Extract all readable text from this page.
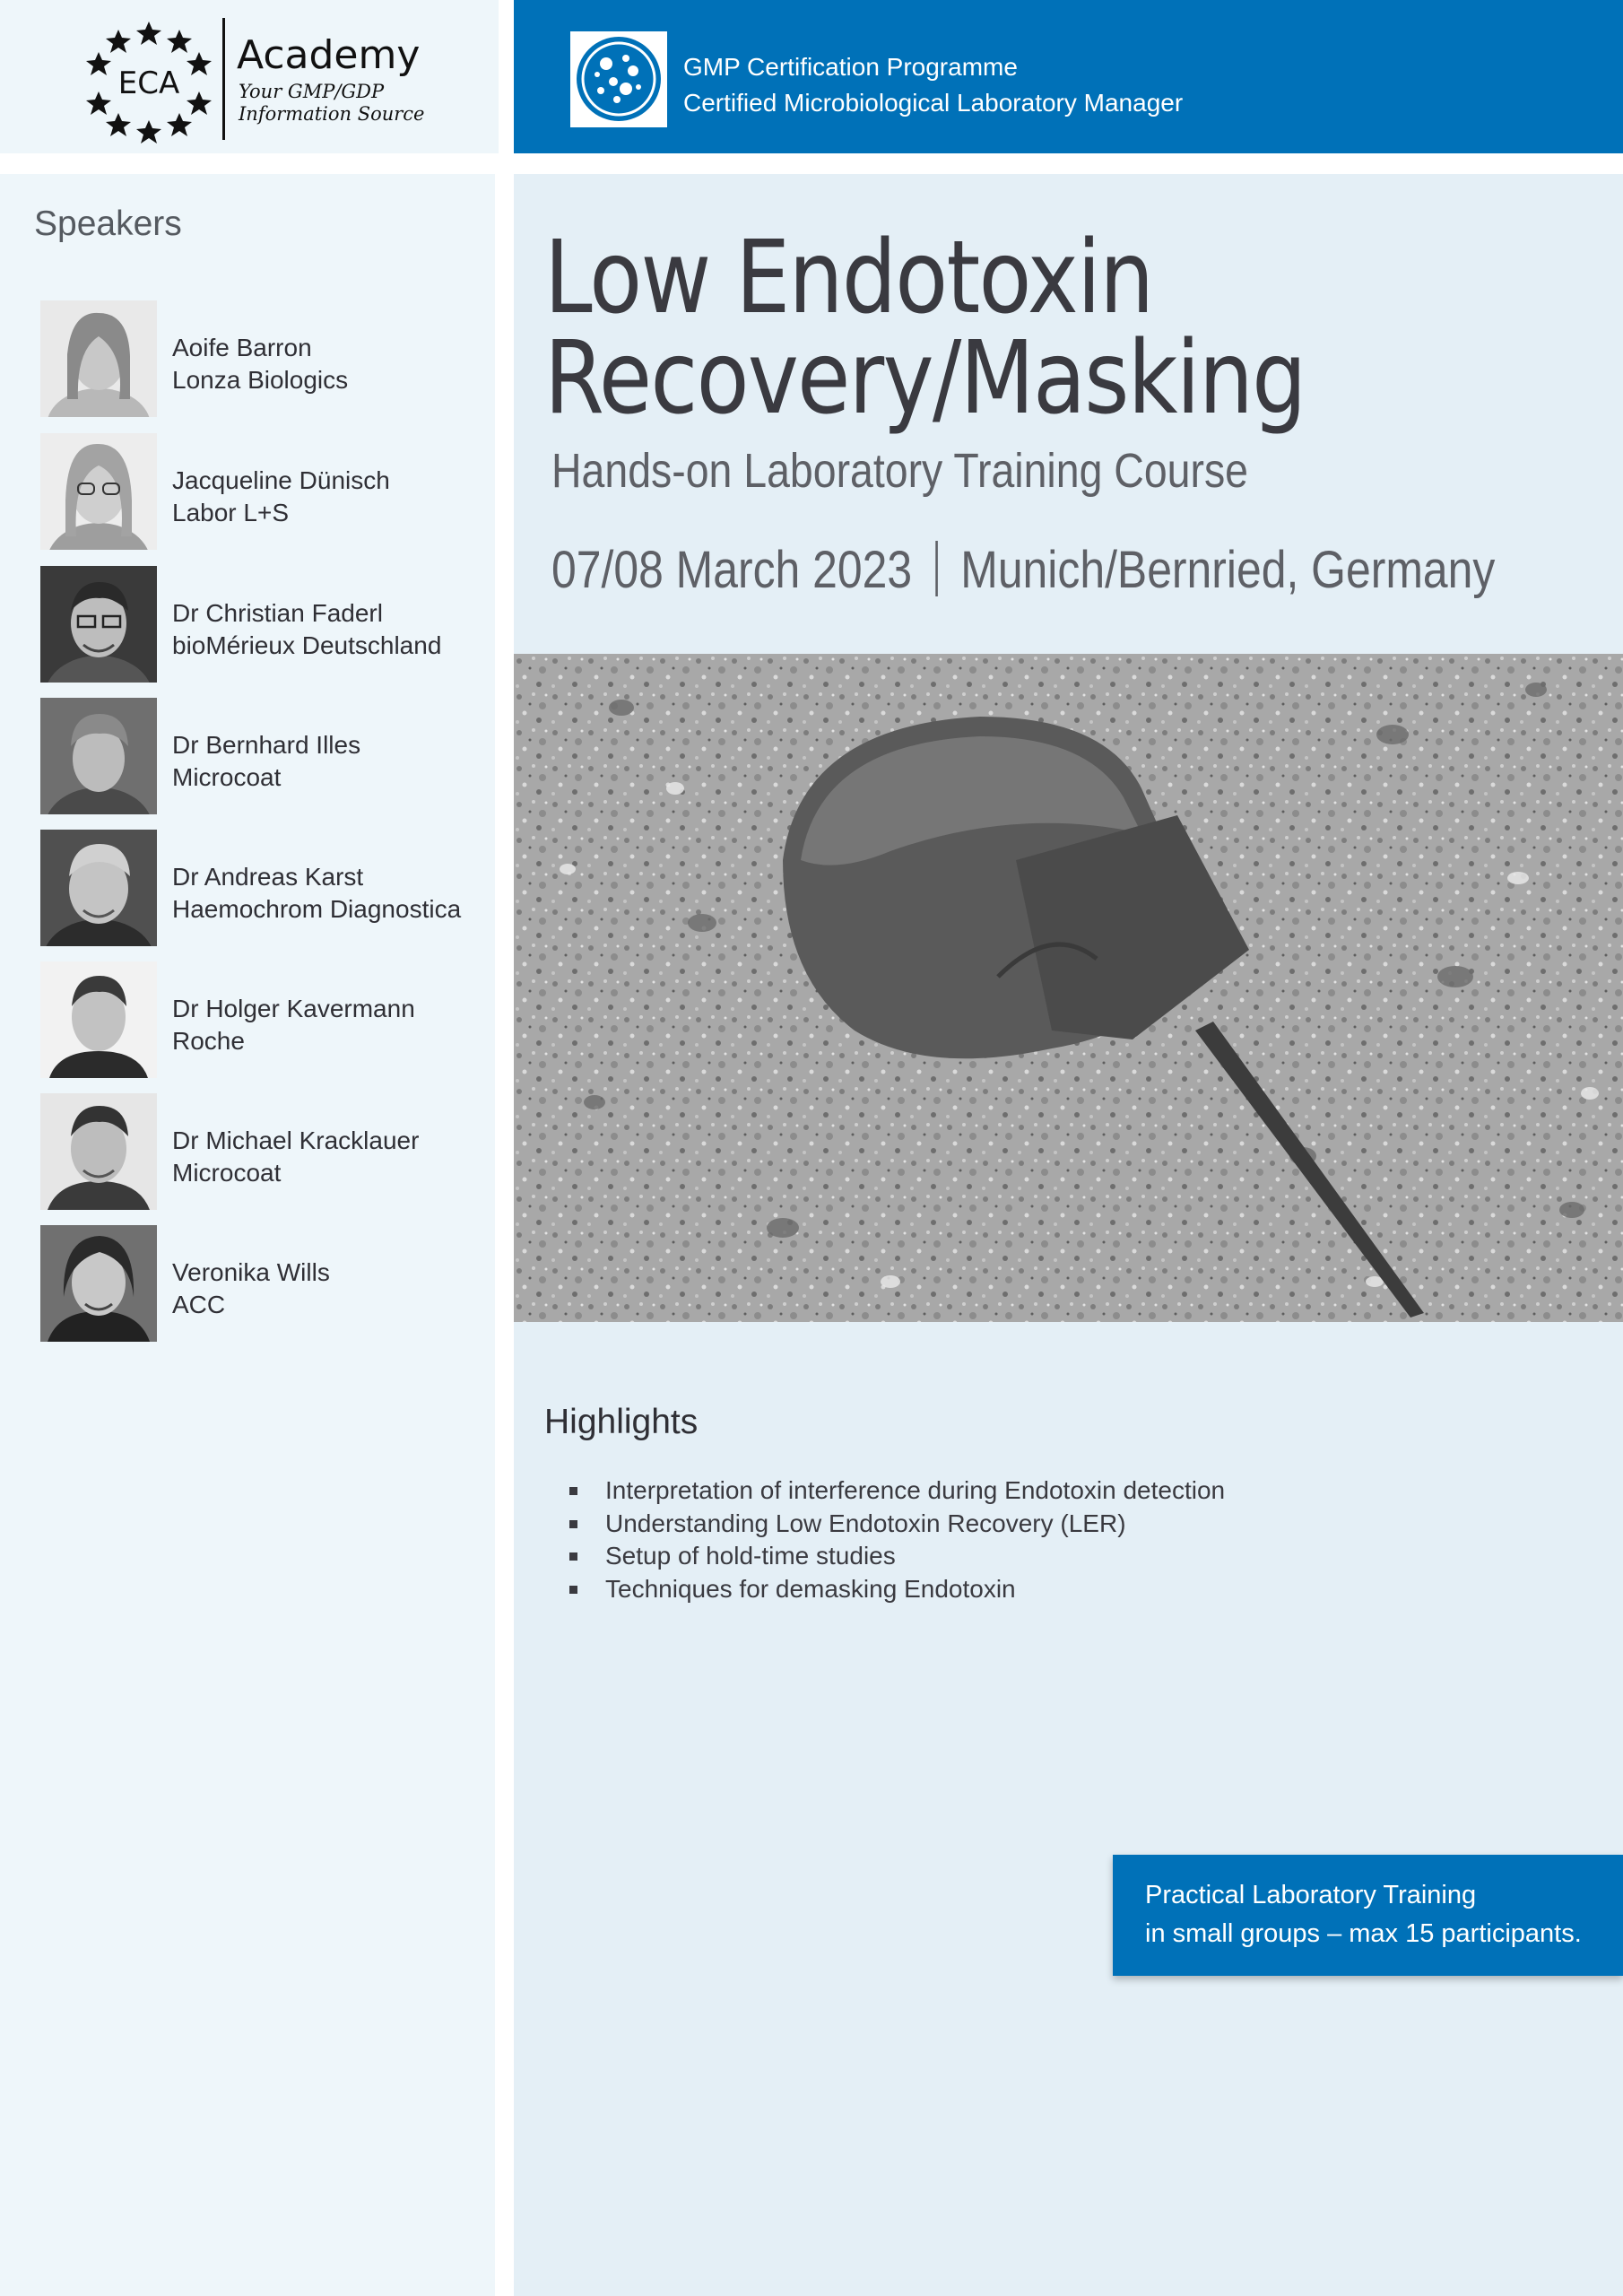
ECA
Academy
Your GMP/GDP
Information Source
GMP Certification Programme
Certified Microbiological Laboratory Manager
Speakers
Aoife Barron
Lonza Biologics
Jacqueline Dünisch
Labor L+S
Dr Christian Faderl
bioMérieux Deutschland
Dr Bernhard Illes
Microcoat
Dr Andreas Karst
Haemochrom Diagnostica
Dr Holger Kavermann
Roche
Dr Michael Kracklauer
Microcoat
Veronika Wills
ACC
Low Endotoxin
Recovery/Masking
Hands-on Laboratory Training Course
07/08 March 2023 Munich/Bernried, Germany
Highlights
Interpretation of interference during Endotoxin detection
Understanding Low Endotoxin Recovery (LER)
Setup of hold-time studies
Techniques for demasking Endotoxin
Practical Laboratory Training
in small groups – max 15 participants.
